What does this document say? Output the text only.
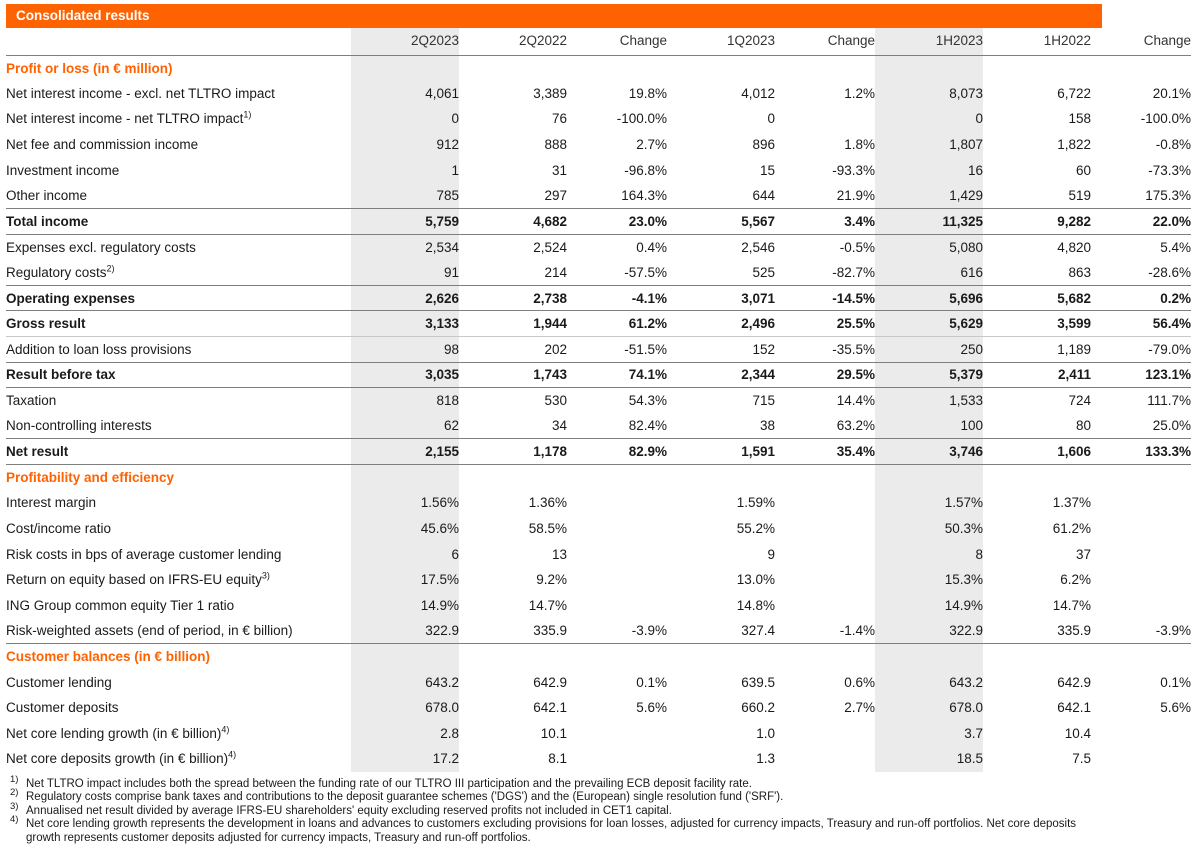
Consolidated results
	2Q2023	2Q2022	Change	1Q2023	Change	1H2023	1H2022	Change
Profit or loss (in € million)								
Net interest income - excl. net TLTRO impact	4,061	3,389	19.8%	4,012	1.2%	8,073	6,722	20.1%
Net interest income - net TLTRO impact$^{1)}$	0	76	-100.0%	0		0	158	-100.0%
Net fee and commission income	912	888	2.7%	896	1.8%	1,807	1,822	-0.8%
Investment income	1	31	-96.8%	15	-93.3%	16	60	-73.3%
Other income	785	297	164.3%	644	21.9%	1,429	519	175.3%
Total income	5,759	4,682	23.0%	5,567	3.4%	11,325	9,282	22.0%
Expenses excl. regulatory costs	2,534	2,524	0.4%	2,546	-0.5%	5,080	4,820	5.4%
Regulatory costs$^{2)}$	91	214	-57.5%	525	-82.7%	616	863	-28.6%
Operating expenses	2,626	2,738	-4.1%	3,071	-14.5%	5,696	5,682	0.2%
Gross result	3,133	1,944	61.2%	2,496	25.5%	5,629	3,599	56.4%
Addition to loan loss provisions	98	202	-51.5%	152	-35.5%	250	1,189	-79.0%
Result before tax	3,035	1,743	74.1%	2,344	29.5%	5,379	2,411	123.1%
Taxation	818	530	54.3%	715	14.4%	1,533	724	111.7%
Non-controlling interests	62	34	82.4%	38	63.2%	100	80	25.0%
Net result	2,155	1,178	82.9%	1,591	35.4%	3,746	1,606	133.3%
Profitability and efficiency								
Interest margin	1.56%	1.36%		1.59%		1.57%	1.37%	
Cost/income ratio	45.6%	58.5%		55.2%		50.3%	61.2%	
Risk costs in bps of average customer lending	6	13		9		8	37	
Return on equity based on IFRS-EU equity$^{3)}$	17.5%	9.2%		13.0%		15.3%	6.2%	
ING Group common equity Tier 1 ratio	14.9%	14.7%		14.8%		14.9%	14.7%	
Risk-weighted assets (end of period, in € billion)	322.9	335.9	-3.9%	327.4	-1.4%	322.9	335.9	-3.9%
Customer balances (in € billion)								
Customer lending	643.2	642.9	0.1%	639.5	0.6%	643.2	642.9	0.1%
Customer deposits	678.0	642.1	5.6%	660.2	2.7%	678.0	642.1	5.6%
Net core lending growth (in € billion)$^{4)}$	2.8	10.1		1.0		3.7	10.4	
Net core deposits growth (in € billion)$^{4)}$	17.2	8.1		1.3		18.5	7.5	
$^{1)}$ Net TLTRO impact includes both the spread between the funding rate of our TLTRO III participation and the prevailing ECB deposit facility rate.
$^{2)}$ Regulatory costs comprise bank taxes and contributions to the deposit guarantee schemes ('DGS') and the (European) single resolution fund ('SRF').
$^{3)}$ Annualised net result divided by average IFRS-EU shareholders' equity excluding reserved profits not included in CET1 capital.
$^{4)}$ Net core lending growth represents the development in loans and advances to customers excluding provisions for loan losses, adjusted for currency impacts, Treasury and run-off portfolios. Net core deposits growth represents customer deposits adjusted for currency impacts, Treasury and run-off portfolios.
